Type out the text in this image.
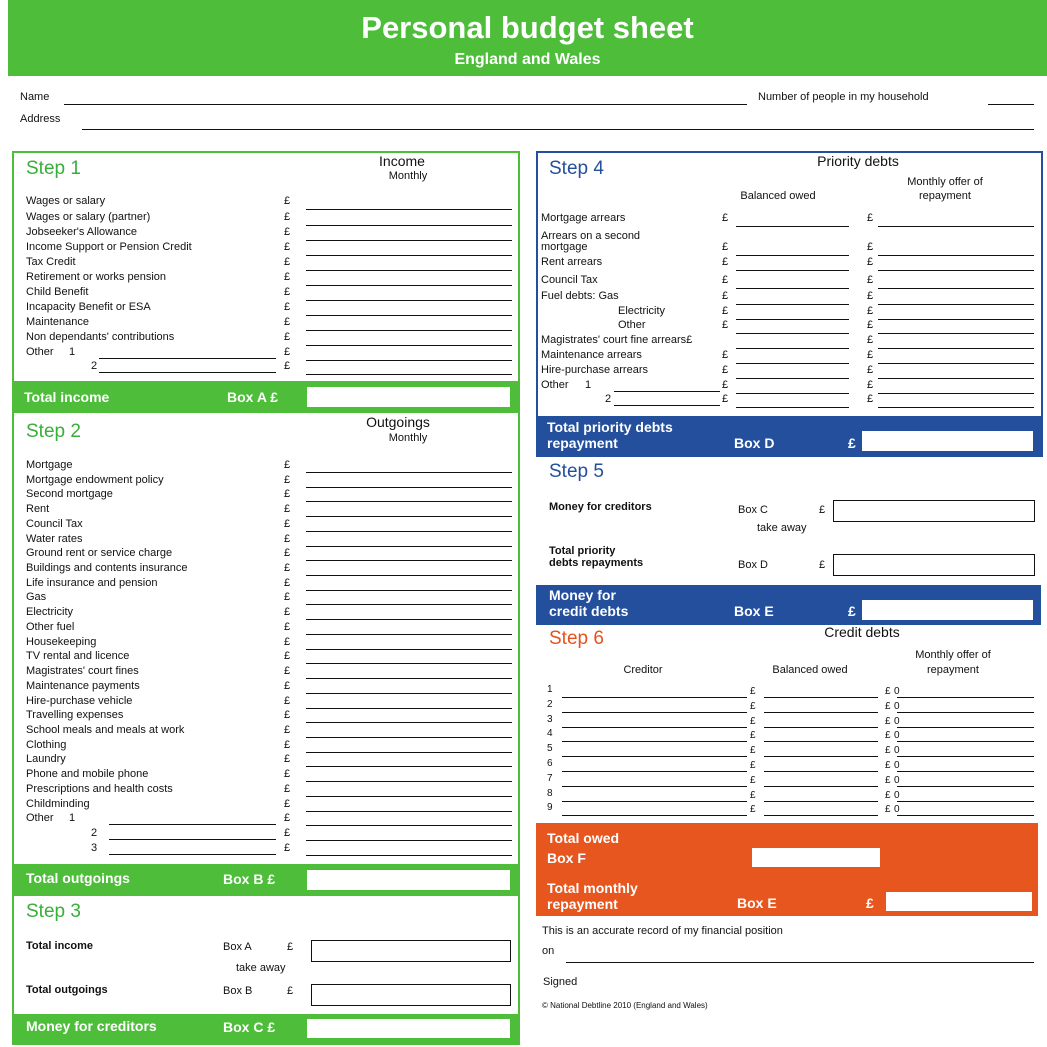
Personal budget sheet
England and Wales
Name	Number of people in my household
Address
Step 1	Income
Monthly
Wages or salary	£
Wages or salary (partner)	£
Jobseeker's Allowance	£
Income Support or Pension Credit	£
Tax Credit	£
Retirement or works pension	£
Child Benefit	£
Incapacity Benefit or ESA	£
Maintenance	£
Non dependants' contributions	£
Other 1	£
2	£
Total income	Box A £
Step 2	Outgoings
Monthly
Mortgage	£
Mortgage endowment policy	£
Second mortgage	£
Rent	£
Council Tax	£
Water rates	£
Ground rent or service charge	£
Buildings and contents insurance	£
Life insurance and pension	£
Gas	£
Electricity	£
Other fuel	£
Housekeeping	£
TV rental and licence	£
Magistrates' court fines	£
Maintenance payments	£
Hire-purchase vehicle	£
Travelling expenses	£
School meals and meals at work	£
Clothing	£
Laundry	£
Phone and mobile phone	£
Prescriptions and health costs	£
Childminding	£
Other 1	£
2	£
3	£
Total outgoings	Box B £
Step 3
Total income	Box A	£
take away
Total outgoings	Box B	£
Money for creditors	Box C £
Step 4	Priority debts
Balanced owed
Monthly offer of
repayment
Mortgage arrears	£	£
Arrears on a second
mortgage	£	£
Rent arrears	£	£
Council Tax	£	£
Fuel debts: Gas	£	£
Electricity	£	£
Other	£	£
Magistrates' court fine arrears£	£
Maintenance arrears	£	£
Hire-purchase arrears	£	£
Other 1	£	£
2	£	£
Total priority debts
repayment	Box D	£
Step 5
Money for creditors	Box C	£
take away
Total priority
debts repayments	Box D	£
Money for
credit debts	Box E	£
Step 6	Credit debts
Creditor	Balanced owed
Monthly offer of
repayment
1	£	£ 0
2	£	£ 0
3	£	£ 0
4	£	£ 0
5	£	£ 0
6	£	£ 0
7	£	£ 0
8	£	£ 0
9	£	£ 0
Total owed
Box F
Total monthly
repayment	Box E	£
This is an accurate record of my financial position
on
Signed
© National Debtline 2010 (England and Wales)
